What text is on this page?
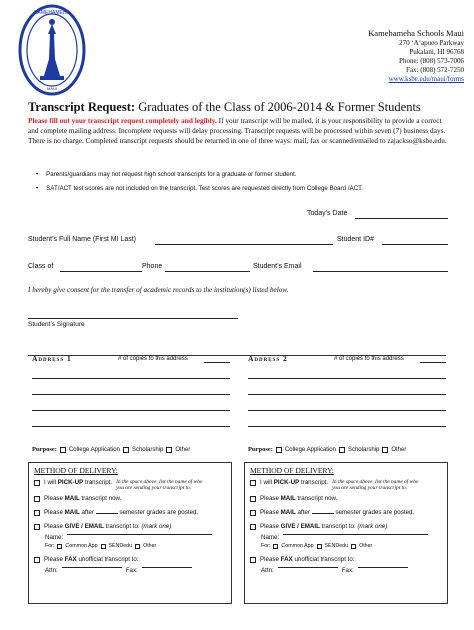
KAMEHAMEHA
MAUI
Kamehameha Schools Maui
270 ‘A‘apueo Parkway
Pukalani, HI 96768
Phone: (808) 573-7006
Fax: (808) 572-7250
www.ksbe.edu/maui/forms
Transcript Request: Graduates of the Class of 2006-2014 & Former Students
Please fill out your transcript request completely and legibly. If your transcript will be mailed, it is your responsibility to provide a correct and complete mailing address. Incomplete requests will delay processing. Transcript requests will be processed within seven (7) business days. There is no charge. Completed transcript requests should be returned in one of three ways: mail, fax or scanned/emailed to zajackso@ksbe.edu.
• Parents/guardians may not request high school transcripts for a graduate or former student.
• SAT/ACT test scores are not included on the transcript. Test scores are requested directly from College Board /ACT.
Today’s Date
Student’s Full Name (First MI Last)	Student ID#
Class of	Phone	Student’s Email
I hereby give consent for the transfer of academic records to the institution(s) listed below.
Student’s Signature
Address 1	# of copies to this address
Purpose: College Application Scholarship Other
Address 2	# of copies to this address
Purpose: College Application Scholarship Other
METHOD OF DELIVERY:
I will PICK-UP transcript. In the space above, list the name of who you are sending your transcript to.
Please MAIL transcript now.
Please MAIL after	semester grades are posted.
Please GIVE / EMAIL transcript to: (mark one)
Name:
For: Common App SENDedu Other
Please FAX unofficial transcript to:
Attn:	Fax:
METHOD OF DELIVERY:
I will PICK-UP transcript. In the space above, list the name of who you are sending your transcript to.
Please MAIL transcript now.
Please MAIL after	semester grades are posted.
Please GIVE / EMAIL transcript to: (mark one)
Name:
For: Common App SENDedu Other
Please FAX unofficial transcript to:
Attn:	Fax:
